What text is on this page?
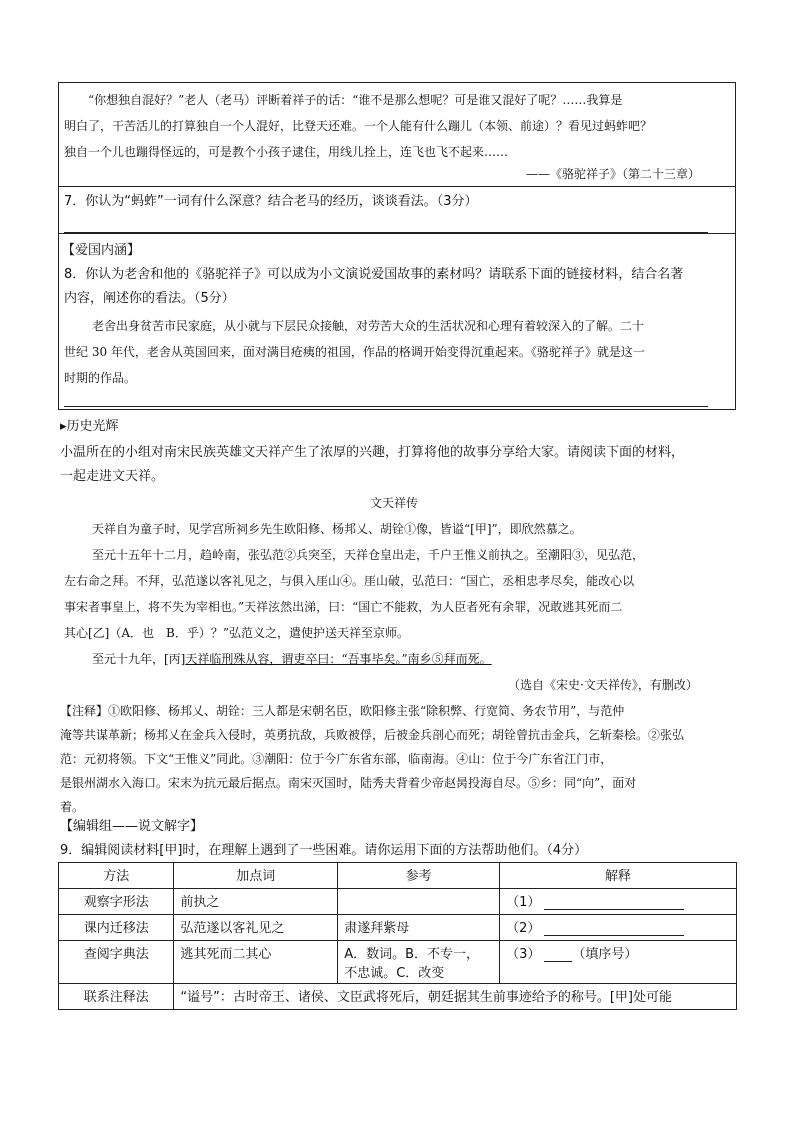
“你想独自混好？”老人（老马）评断着祥子的话：“谁不是那么想呢？可是谁又混好了呢？……我算是

明白了，干苦活儿的打算独自一个人混好，比登天还难。一个人能有什么蹦儿（本领、前途）？看见过蚂蚱吧？

独自一个儿也蹦得怪远的，可是教个小孩子逮住，用线儿拴上，连飞也飞不起来……

——《骆驼祥子》（第二十三章）

7．你认为“蚂蚱”一词有什么深意？结合老马的经历，谈谈看法。（3分）

【爱国内涵】

8．你认为老舍和他的《骆驼祥子》可以成为小文演说爱国故事的素材吗？请联系下面的链接材料，结合名著

内容，阐述你的看法。（5分）

老舍出身贫苦市民家庭，从小就与下层民众接触，对劳苦大众的生活状况和心理有着较深入的了解。二十

世纪 30 年代，老舍从英国回来，面对满目疮痍的祖国，作品的格调开始变得沉重起来。《骆驼祥子》就是这一

时期的作品。

▸历史光辉

小温所在的小组对南宋民族英雄文天祥产生了浓厚的兴趣，打算将他的故事分享给大家。请阅读下面的材料，

一起走进文天祥。

文天祥传

天祥自为童子时，见学宫所祠乡先生欧阳修、杨邦乂、胡铨①像，皆谥“[甲]”，即欣然慕之。

至元十五年十二月，趋岭南，张弘范②兵突至，天祥仓皇出走，千户王惟义前执之。至潮阳③，见弘范，

左右命之拜。不拜，弘范遂以客礼见之，与俱入厓山④。厓山破，弘范曰：“国亡，丞相忠孝尽矣，能改心以

事宋者事皇上，将不失为宰相也。”天祥泫然出涕，曰：“国亡不能救，为人臣者死有余罪，况敢逃其死而二

其心[乙]（A．也　B．乎）？”弘范义之，遣使护送天祥至京师。

至元十九年，[丙]天祥临刑殊从容，谓吏卒曰：“吾事毕矣。”南乡⑤拜而死。

（选自《宋史·文天祥传》，有删改）

【注释】①欧阳修、杨邦乂、胡铨：三人都是宋朝名臣，欧阳修主张“除积弊、行宽简、务农节用”，与范仲

淹等共谋革新；杨邦乂在金兵入侵时，英勇抗敌，兵败被俘，后被金兵剖心而死；胡铨曾抗击金兵，乞斩秦桧。②张弘

范：元初将领。下文“王惟义”同此。③潮阳：位于今广东省东部，临南海。④山：位于今广东省江门市，

是银州湖水入海口。宋末为抗元最后据点。南宋灭国时，陆秀夫背着少帝赵昺投海自尽。⑤乡：同“向”，面对

着。

【编辑组——说文解字】

9．编辑阅读材料[甲]时，在理解上遇到了一些困难。请你运用下面的方法帮助他们。（4分）

方法	加点词	参考	解释
观察字形法	前执之		（1）
课内迁移法	弘范遂以客礼见之	肃遂拜紫母	（2）
查阅字典法	逃其死而二其心	A．数词。B．不专一，
不忠诚。C．改变	（3） （填序号）
联系注释法	“谥号”：古时帝王、诸侯、文臣武将死后，朝廷据其生前事迹给予的称号。[甲]处可能		
